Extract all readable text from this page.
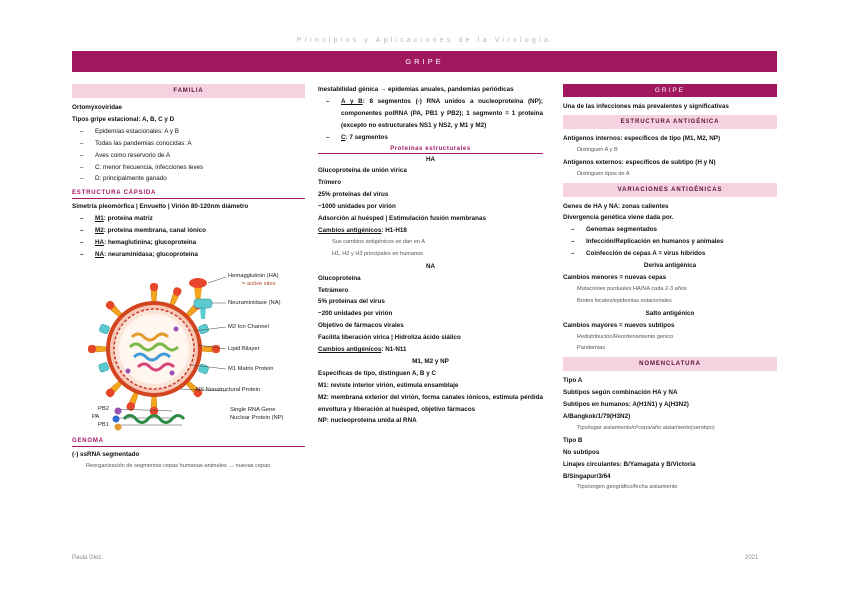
Principios y Aplicaciones de la Virología
GRIPE
FAMILIA
Ortomyxoviridae
Tipos gripe estacional: A, B, C y D
– Epidemias estacionales: A y B
– Todas las pandemias conocidas: A
– Aves como reservorio de A
– C: menor frecuencia, infecciones leves
– D: principalmente ganado
ESTRUCTURA CÁPSIDA
Simetría pleomórfica | Envuelto | Virión 80-120nm diámetro
– M1: proteína matriz
– M2: proteína membrana, canal iónico
– HA: hemaglutinina; glucoproteína
– NA: neuraminidasa; glucoproteína
Hemagglutinin (HA)
= active sites
Neuraminidase (NA)
M2 Ion Channel
Lipid Bilayer
M1 Matrix Protein
NS Nonstructural Protein
PB2
PA
PB1
Single RNA Gene
Nuclear Protein (NP)
GENOMA
(-) ssRNA segmentado
Reorganización de segmentos cepas humanas-animales → nuevas cepas
Inestabilidad génica → epidemias anuales, pandemias periódicas
– A y B: 8 segmentos (-) RNA unidos a nucleoproteína (NP); componentes polRNA (PA, PB1 y PB2); 1 segmento = 1 proteína (excepto no estructurales NS1 y NS2, y M1 y M2)
– C: 7 segmentos
Proteínas estructurales
HA
Glucoproteína de unión vírica
Trímero
25% proteínas del virus
~1000 unidades por virión
Adsorción al huésped | Estimulación fusión membranas
Cambios antigénicos: H1-H18
Sus cambios antigénicos se dan en A
H1, H2 y H3 principales en humanos
NA
Glucoproteína
Tetrámero
5% proteínas del virus
~200 unidades por virión
Objetivo de fármacos virales
Facilita liberación vírica | Hidroliza ácido siálico
Cambios antigénicos: N1-N11
M1, M2 y NP
Específicas de tipo, distinguen A, B y C
M1: reviste interior virión, estimula ensamblaje
M2: membrana exterior del virión, forma canales iónicos, estimula pérdida envoltura y liberación al huésped, objetivo fármacos
NP: nucleoproteína unida al RNA
GRIPE
Una de las infecciones más prevalentes y significativas
ESTRUCTURA ANTIGÉNICA
Antígenos internos: específicos de tipo (M1, M2, NP)
Distinguen A y B
Antígenos externos: específicos de subtipo (H y N)
Distinguen tipos de A
VARIACIONES ANTIGÉNICAS
Genes de HA y NA: zonas calientes
Divergencia genética viene dada por.
– Genomas segmentados
– Infección/Replicación en humanos y animales
– Coinfección de cepas A = virus híbridos
Deriva antigénica
Cambios menores = nuevas cepas
Mutaciones puntuales HA/NA cada 2-3 años
Brotes locales/epidemias estacionales
Salto antigénico
Cambios mayores = nuevos subtipos
Redistribución/Reordenamiento genico
Pandemias
NOMENCLATURA
Tipo A
Subtipos según combinación HA y NA
Subtipos en humanos: A(H1N1) y A(H3N2)
A/Bangkok/1/79(H3N2)
Tipo/lugar aislamiento/nºcepa/año aislamiento(serotipo)
Tipo B
No subtipos
Linajes circulantes: B/Yamagata y B/Victoria
B/Singapur/3/64
Tipo/origen geográfico/fecha aislamiento
Paula Glez.	2021
